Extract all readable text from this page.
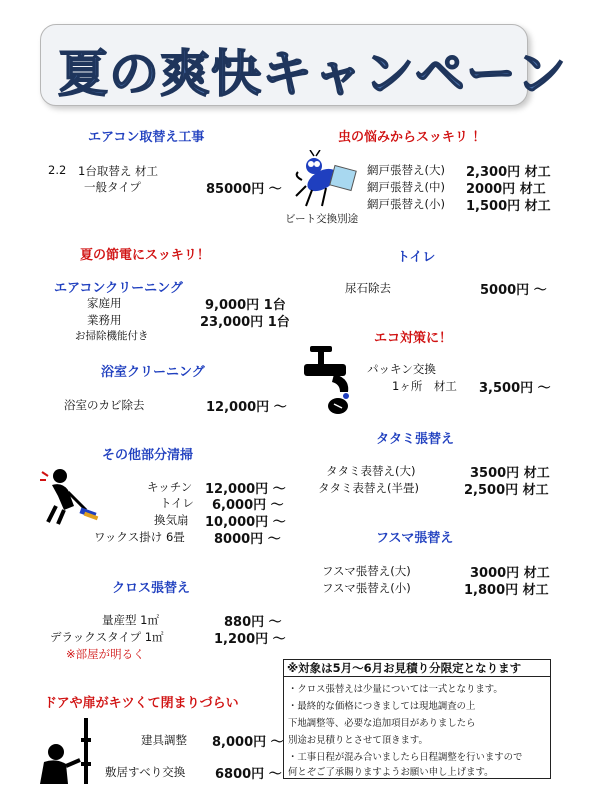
夏の爽快キャンペーン
エアコン取替え工事
2.2 1台取替え 材工
一般タイプ	85000円 〜
夏の節電にスッキリ！
エアコンクリーニング
家庭用	9,000円 1台
業務用	23,000円 1台
お掃除機能付き
浴室クリーニング
浴室のカビ除去	12,000円 〜
その他部分清掃
キッチン 12,000円 〜
トイレ 6,000円 〜
換気扇 10,000円 〜
ワックス掛け 6畳 8000円 〜
クロス張替え
量産型 1㎡	880円 〜
デラックスタイプ 1㎡	1,200円 〜
※部屋が明るく
ドアや扉がキツくて閉まりづらい
建具調整 8,000円 〜
敷居すべり交換 6800円 〜
虫の悩みからスッキリ ！
ビート交換別途
網戸張替え(大) 2,300円 材工
網戸張替え(中) 2000円 材工
網戸張替え(小) 1,500円 材工
トイレ
尿石除去	5000円 〜
エコ対策に！
パッキン交換
1ヶ所　材工 3,500円 〜
タタミ張替え
タタミ表替え(大)	3500円 材工
タタミ表替え(半畳)	2,500円 材工
フスマ張替え
フスマ張替え(大)	3000円 材工
フスマ張替え(小)	1,800円 材工
※対象は5月〜6月お見積り分限定となります
・クロス張替えは少量については一式となります。
・最終的な価格につきましては現地調査の上
下地調整等、必要な追加項目がありましたら
別途お見積りとさせて頂きます。
・工事日程が混み合いましたら日程調整を行いますので
何とぞご了承賜りますようお願い申し上げます。
